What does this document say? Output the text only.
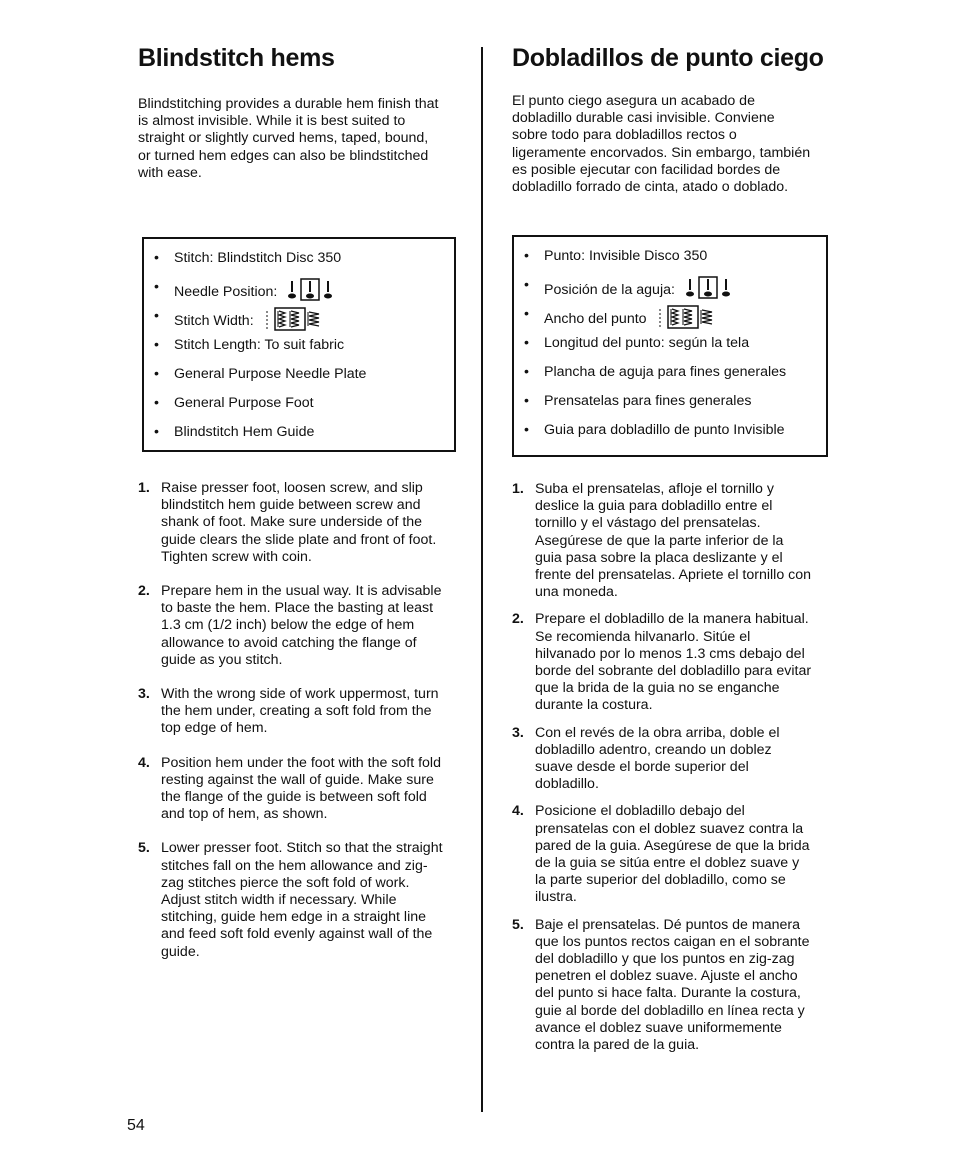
Blindstitch hems

Blindstitching provides a durable hem finish that is almost invisible. While it is best suited to straight or slightly curved hems, taped, bound, or turned hem edges can also be blindstitched with ease.

• Stitch: Blindstitch Disc 350
• Needle Position:
• Stitch Width:
• Stitch Length: To suit fabric
• General Purpose Needle Plate
• General Purpose Foot
• Blindstitch Hem Guide
1. Raise presser foot, loosen screw, and slip blindstitch hem guide between screw and shank of foot. Make sure underside of the guide clears the slide plate and front of foot. Tighten screw with coin.
2. Prepare hem in the usual way. It is advisable to baste the hem. Place the basting at least 1.3 cm (1/2 inch) below the edge of hem allowance to avoid catching the flange of guide as you stitch.
3. With the wrong side of work uppermost, turn the hem under, creating a soft fold from the top edge of hem.
4. Position hem under the foot with the soft fold resting against the wall of guide. Make sure the flange of the guide is between soft fold and top of hem, as shown.
5. Lower presser foot. Stitch so that the straight stitches fall on the hem allowance and zig-zag stitches pierce the soft fold of work. Adjust stitch width if necessary. While stitching, guide hem edge in a straight line and feed soft fold evenly against wall of the guide.
Dobladillos de punto ciego

El punto ciego asegura un acabado de dobladillo durable casi invisible. Conviene sobre todo para dobladillos rectos o ligeramente encorvados. Sin embargo, también es posible ejecutar con facilidad bordes de dobladillo forrado de cinta, atado o doblado.

• Punto: Invisible Disco 350
• Posición de la aguja:
• Ancho del punto
• Longitud del punto: según la tela
• Plancha de aguja para fines generales
• Prensatelas para fines generales
• Guia para dobladillo de punto Invisible
1. Suba el prensatelas, afloje el tornillo y deslice la guia para dobladillo entre el tornillo y el vástago del prensatelas. Asegúrese de que la parte inferior de la guia pasa sobre la placa deslizante y el frente del prensatelas. Apriete el tornillo con una moneda.
2. Prepare el dobladillo de la manera habitual. Se recomienda hilvanarlo. Sitúe el hilvanado por lo menos 1.3 cms debajo del borde del sobrante del dobladillo para evitar que la brida de la guia no se enganche durante la costura.
3. Con el revés de la obra arriba, doble el dobladillo adentro, creando un doblez suave desde el borde superior del dobladillo.
4. Posicione el dobladillo debajo del prensatelas con el doblez suavez contra la pared de la guia. Asegúrese de que la brida de la guia se sitúa entre el doblez suave y la parte superior del dobladillo, como se ilustra.
5. Baje el prensatelas. Dé puntos de manera que los puntos rectos caigan en el sobrante del dobladillo y que los puntos en zig-zag penetren el doblez suave. Ajuste el ancho del punto si hace falta. Durante la costura, guie al borde del dobladillo en línea recta y avance el doblez suave uniformemente contra la pared de la guia.
54
